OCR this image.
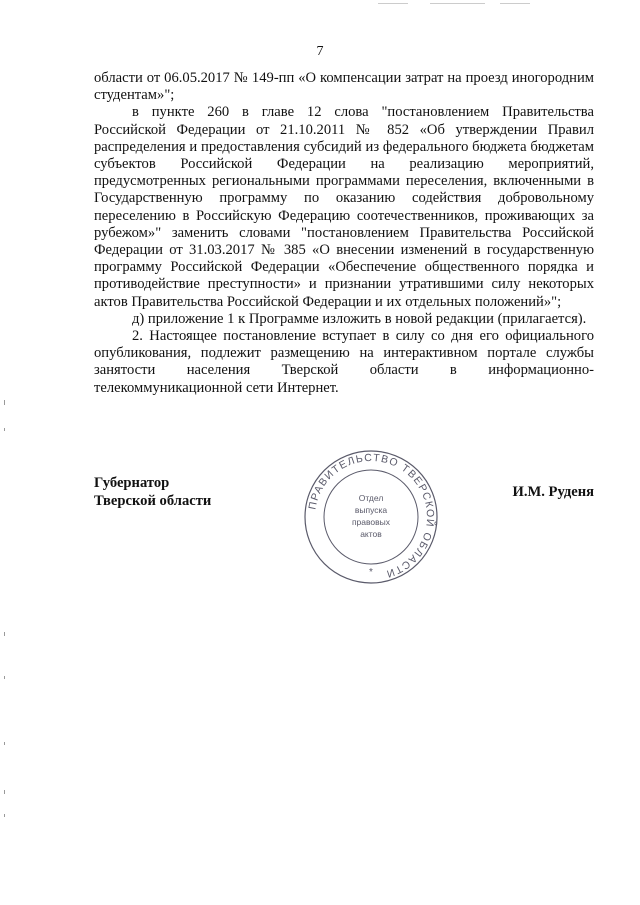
7

области от 06.05.2017 № 149-пп «О компенсации затрат на проезд иногородним студентам»";

в пункте 260 в главе 12 слова "постановлением Правительства Российской Федерации от 21.10.2011 № 852 «Об утверждении Правил распределения и предоставления субсидий из федерального бюджета бюджетам субъектов Российской Федерации на реализацию мероприятий, предусмотренных региональными программами переселения, включенными в Государственную программу по оказанию содействия добровольному переселению в Российскую Федерацию соотечественников, проживающих за рубежом»" заменить словами "постановлением Правительства Российской Федерации от 31.03.2017 № 385 «О внесении изменений в государственную программу Российской Федерации «Обеспечение общественного порядка и противодействие преступности» и признании утратившими силу некоторых актов Правительства Российской Федерации и их отдельных положений»";

д) приложение 1 к Программе изложить в новой редакции (прилагается).

2. Настоящее постановление вступает в силу со дня его официального опубликования, подлежит размещению на интерактивном портале службы занятости населения Тверской области в информационно-телекоммуникационной сети Интернет.

Губернатор
Тверской области
И.М. Руденя
ПРАВИТЕЛЬСТВО ТВЕРСКОЙ ОБЛАСТИ
Отдел
выпуска
правовых
актов
*
